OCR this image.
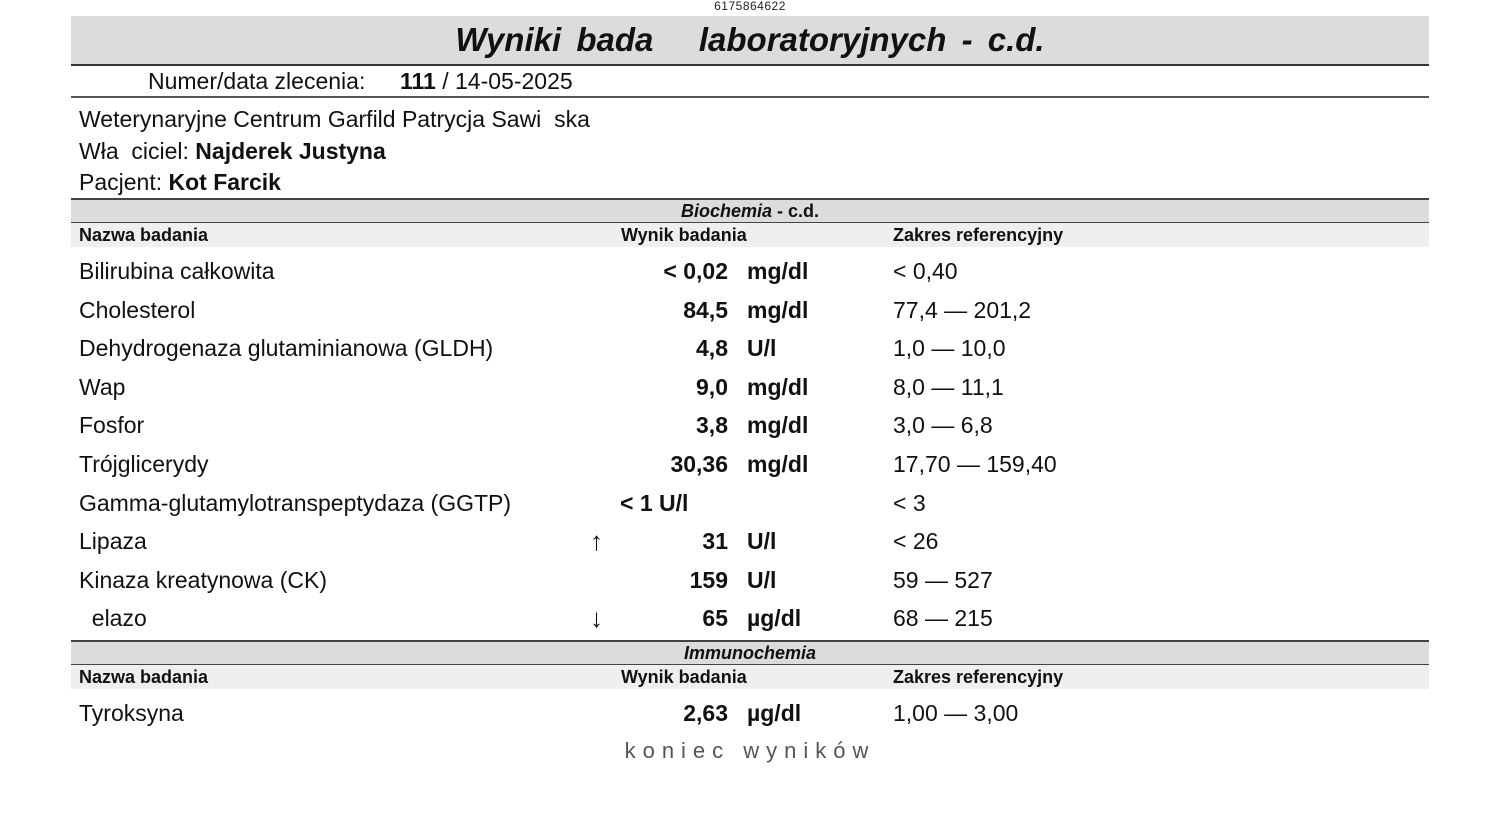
6175864622
Wyniki bada   laboratoryjnych - c.d.
Numer/data zlecenia: 111 / 14-05-2025
Weterynaryjne Centrum Garfild Patrycja Sawi  ska
Wła  ciciel: Najderek Justyna
Pacjent: Kot Farcik
Biochemia - c.d.
Nazwa badania	Wynik badania	Zakres referencyjny
Bilirubina całkowita	< 0,02 mg/dl	< 0,40
Cholesterol	84,5 mg/dl	77,4 — 201,2
Dehydrogenaza glutaminianowa (GLDH)	4,8 U/l	1,0 — 10,0
Wap	9,0 mg/dl	8,0 — 11,1
Fosfor	3,8 mg/dl	3,0 — 6,8
Trójglicerydy	30,36 mg/dl	17,70 — 159,40
Gamma-glutamylotranspeptydaza (GGTP)	< 1 U/l	< 3
Lipaza	↑	31 U/l	< 26
Kinaza kreatynowa (CK)	159 U/l	59 — 527
elazo	↓	65 µg/dl	68 — 215
Immunochemia
Nazwa badania	Wynik badania	Zakres referencyjny
Tyroksyna	2,63 µg/dl	1,00 — 3,00
koniec wyników
